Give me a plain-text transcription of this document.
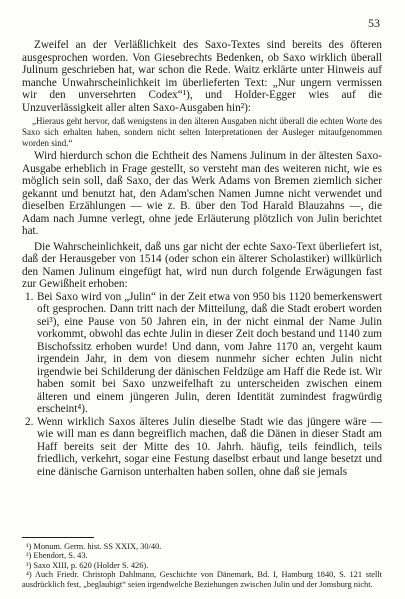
53

Zweifel an der Verläßlichkeit des Saxo-Textes sind bereits des öfteren ausgesprochen worden. Von Giesebrechts Bedenken, ob Saxo wirklich überall Julinum geschrieben hat, war schon die Rede. Waitz erklärte unter Hinweis auf manche Unwahrscheinlichkeit im überlieferten Text: „Nur ungern vermissen wir den unversehrten Codex“¹), und Holder-Egger wies auf die Unzuverlässigkeit aller alten Saxo-Ausgaben hin²):

„Hieraus geht hervor, daß wenigstens in den älteren Ausgaben nicht überall die echten Worte des Saxo sich erhalten haben, sondern nicht selten Interpretationen der Ausleger mitaufgenommen worden sind.“

Wird hierdurch schon die Echtheit des Namens Julinum in der ältesten Saxo-Ausgabe erheblich in Frage gestellt, so versteht man des weiteren nicht, wie es möglich sein soll, daß Saxo, der das Werk Adams von Bremen ziemlich sicher gekannt und benutzt hat, den Adam'schen Namen Jumne nicht verwendet und dieselben Erzählungen — wie z. B. über den Tod Harald Blauzahns —, die Adam nach Jumne verlegt, ohne jede Erläuterung plötzlich von Julin berichtet hat.

Die Wahrscheinlichkeit, daß uns gar nicht der echte Saxo-Text überliefert ist, daß der Herausgeber von 1514 (oder schon ein älterer Scholastiker) willkürlich den Namen Julinum eingefügt hat, wird nun durch folgende Erwägungen fast zur Gewißheit erhoben:

1. Bei Saxo wird von „Julin“ in der Zeit etwa von 950 bis 1120 bemerkenswert oft gesprochen. Dann tritt nach der Mitteilung, daß die Stadt erobert worden sei³), eine Pause von 50 Jahren ein, in der nicht einmal der Name Julin vorkommt, obwohl das echte Julin in dieser Zeit doch bestand und 1140 zum Bischofssitz erhoben wurde! Und dann, vom Jahre 1170 an, vergeht kaum irgendein Jahr, in dem von diesem nunmehr sicher echten Julin nicht irgendwie bei Schilderung der dänischen Feldzüge am Haff die Rede ist. Wir haben somit bei Saxo unzweifelhaft zu unterscheiden zwischen einem älteren und einem jüngeren Julin, deren Identität zumindest fragwürdig erscheint⁴).
2. Wenn wirklich Saxos älteres Julin dieselbe Stadt wie das jüngere wäre — wie will man es dann begreiflich machen, daß die Dänen in dieser Stadt am Haff bereits seit der Mitte des 10. Jahrh. häufig, teils feindlich, teils friedlich, verkehrt, sogar eine Festung daselbst erbaut und lange besetzt und eine dänische Garnison unterhalten haben sollen, ohne daß sie jemals
¹) Monum. Germ. hist. SS XXIX, 30/40.
²) Ebendort, S. 43.
³) Saxo XIII, p. 620 (Holder S. 426).
⁴) Auch Friedr. Christoph Dahlmann, Geschichte von Dänemark, Bd. I, Hamburg 1840, S. 121 stellt ausdrücklich fest, „beglaubigt“ seien irgendwelche Beziehungen zwischen Julin und der Jomsburg nicht.
